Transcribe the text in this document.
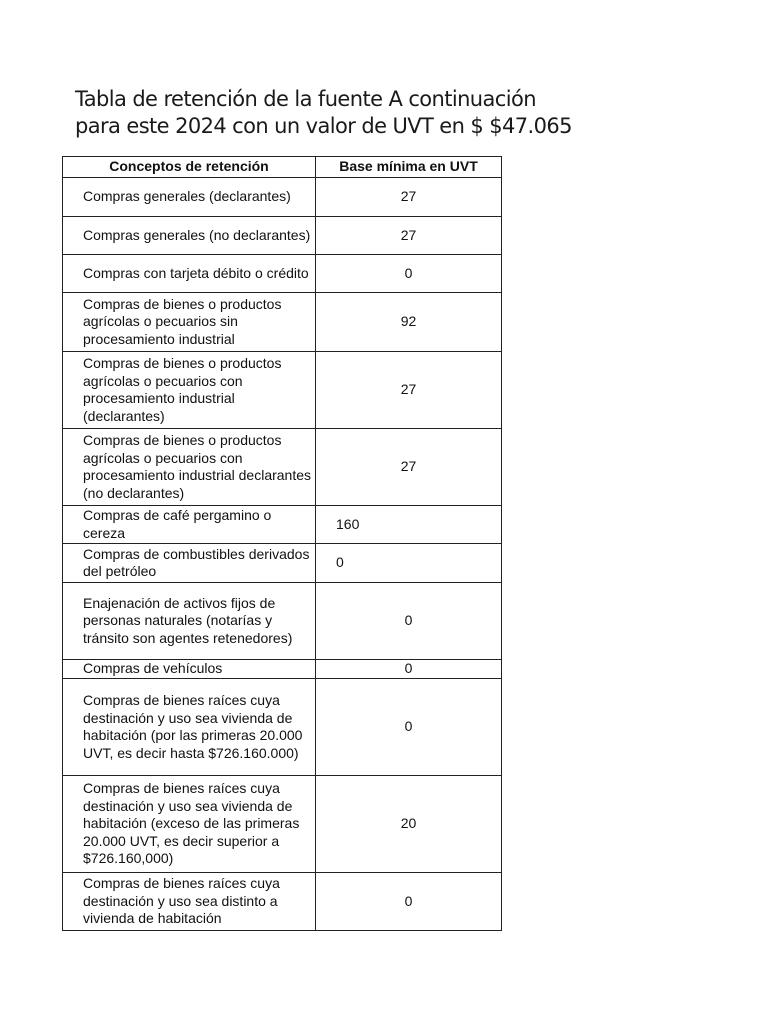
Tabla de retención de la fuente A continuación
para este 2024 con un valor de UVT en $ $47.065
Conceptos de retención	Base mínima en UVT
Compras generales (declarantes)	27
Compras generales (no declarantes)	27
Compras con tarjeta débito o crédito	0
Compras de bienes o productos agrícolas o pecuarios sin procesamiento industrial	92
Compras de bienes o productos agrícolas o pecuarios con procesamiento industrial (declarantes)	27
Compras de bienes o productos agrícolas o pecuarios con procesamiento industrial declarantes (no declarantes)	27
Compras de café pergamino o cereza	160
Compras de combustibles derivados del petróleo	0
Enajenación de activos fijos de personas naturales (notarías y tránsito son agentes retenedores)	0
Compras de vehículos	0
Compras de bienes raíces cuya destinación y uso sea vivienda de habitación (por las primeras 20.000 UVT, es decir hasta $726.160.000)	0
Compras de bienes raíces cuya destinación y uso sea vivienda de habitación (exceso de las primeras 20.000 UVT, es decir superior a $726.160,000)	20
Compras de bienes raíces cuya destinación y uso sea distinto a vivienda de habitación	0
